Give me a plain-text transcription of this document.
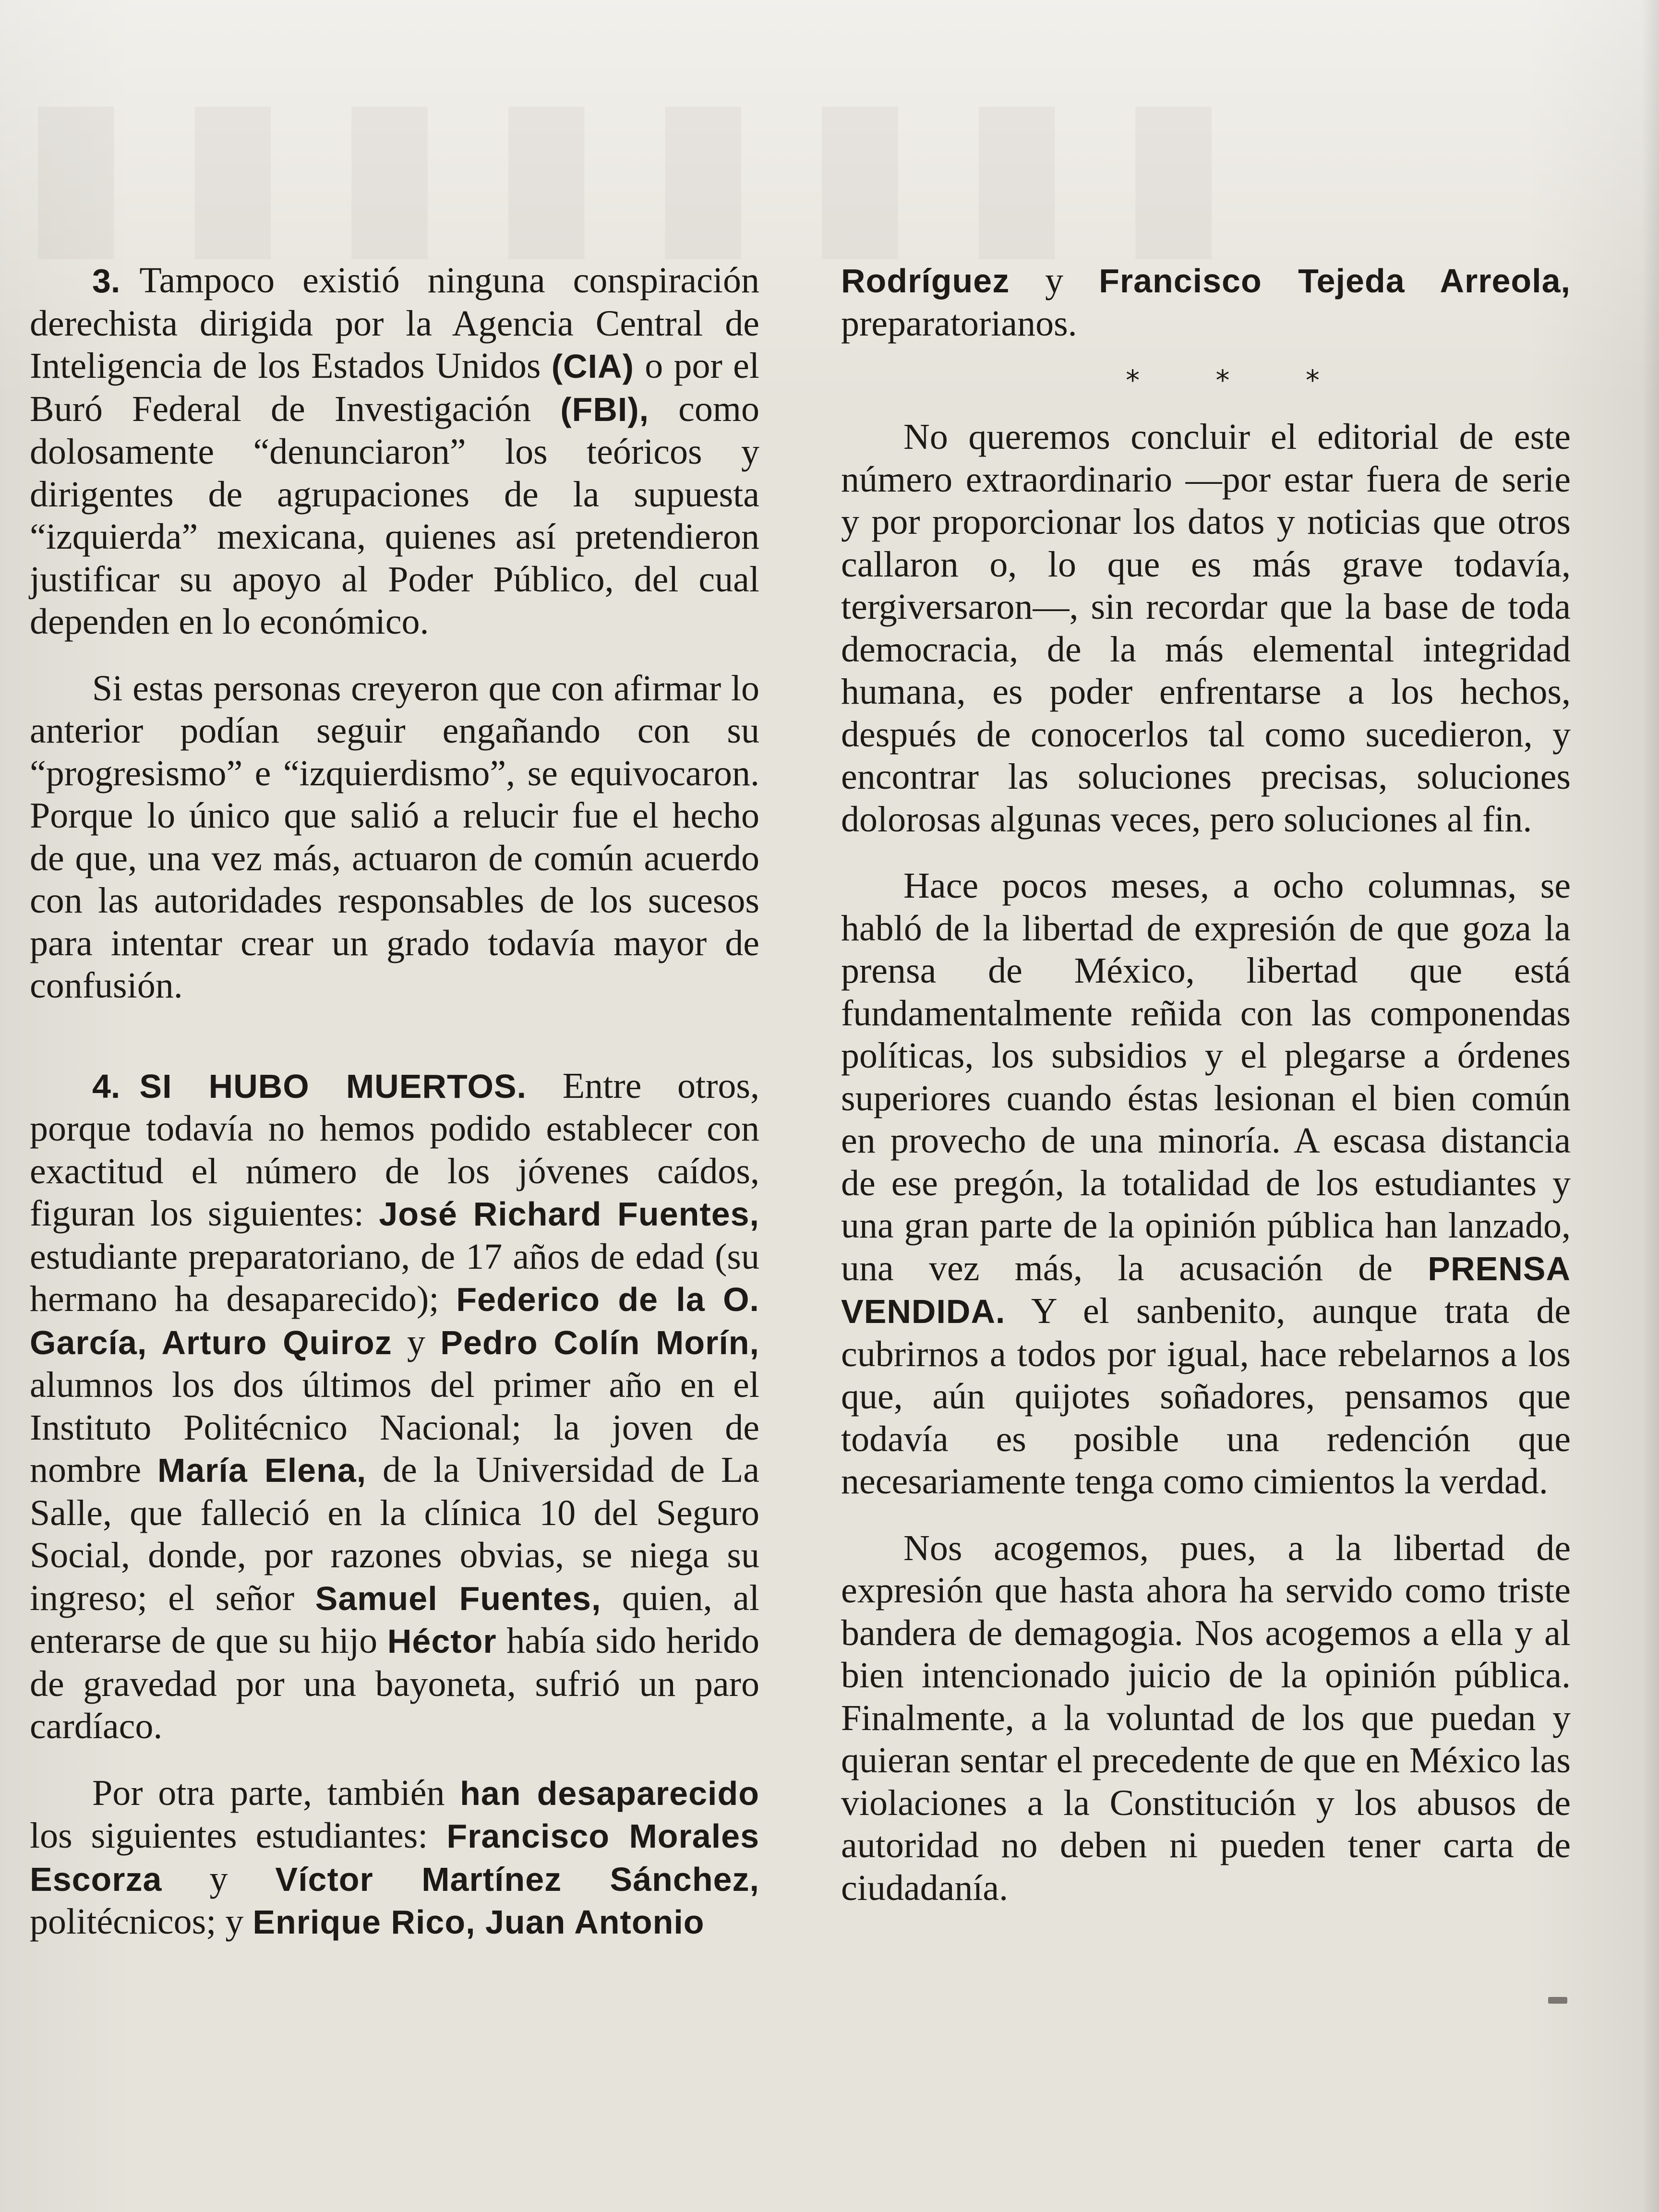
3. Tampoco existió ninguna conspiración derechista dirigida por la Agencia Central de Inteligencia de los Estados Unidos (CIA) o por el Buró Federal de Investigación (FBI), como dolosamente “denunciaron” los teóricos y dirigentes de agrupaciones de la supuesta “izquierda” mexicana, quienes así pretendieron justificar su apoyo al Poder Público, del cual dependen en lo económico.

Si estas personas creyeron que con afirmar lo anterior podían seguir engañando con su “progresismo” e “izquierdismo”, se equivocaron. Porque lo único que salió a relucir fue el hecho de que, una vez más, actuaron de común acuerdo con las autoridades responsables de los sucesos para intentar crear un grado todavía mayor de confusión.

4. SI HUBO MUERTOS. Entre otros, porque todavía no hemos podido establecer con exactitud el número de los jóvenes caídos, figuran los siguientes: José Richard Fuentes, estudiante preparatoriano, de 17 años de edad (su hermano ha desaparecido); Federico de la O. García, Arturo Quiroz y Pedro Colín Morín, alumnos los dos últimos del primer año en el Instituto Politécnico Nacional; la joven de nombre María Elena, de la Universidad de La Salle, que falleció en la clínica 10 del Seguro Social, donde, por razones obvias, se niega su ingreso; el señor Samuel Fuentes, quien, al enterarse de que su hijo Héctor había sido herido de gravedad por una bayoneta, sufrió un paro cardíaco.

Por otra parte, también han desaparecido los siguientes estudiantes: Francisco Morales Escorza y Víctor Martínez Sánchez, politécnicos; y Enrique Rico, Juan Antonio

Rodríguez y Francisco Tejeda Arreola, preparatorianos.

* * *

No queremos concluir el editorial de este número extraordinario —por estar fuera de serie y por proporcionar los datos y noticias que otros callaron o, lo que es más grave todavía, tergiversaron—, sin recordar que la base de toda democracia, de la más elemental integridad humana, es poder enfrentarse a los hechos, después de conocerlos tal como sucedieron, y encontrar las soluciones precisas, soluciones dolorosas algunas veces, pero soluciones al fin.

Hace pocos meses, a ocho columnas, se habló de la libertad de expresión de que goza la prensa de México, libertad que está fundamentalmente reñida con las componendas políticas, los subsidios y el plegarse a órdenes superiores cuando éstas lesionan el bien común en provecho de una minoría. A escasa distancia de ese pregón, la totalidad de los estudiantes y una gran parte de la opinión pública han lanzado, una vez más, la acusación de PRENSA VENDIDA. Y el sanbenito, aunque trata de cubrirnos a todos por igual, hace rebelarnos a los que, aún quijotes soñadores, pensamos que todavía es posible una redención que necesariamente tenga como cimientos la verdad.

Nos acogemos, pues, a la libertad de expresión que hasta ahora ha servido como triste bandera de demagogia. Nos acogemos a ella y al bien intencionado juicio de la opinión pública. Finalmente, a la voluntad de los que puedan y quieran sentar el precedente de que en México las violaciones a la Constitución y los abusos de autoridad no deben ni pueden tener carta de ciudadanía.
